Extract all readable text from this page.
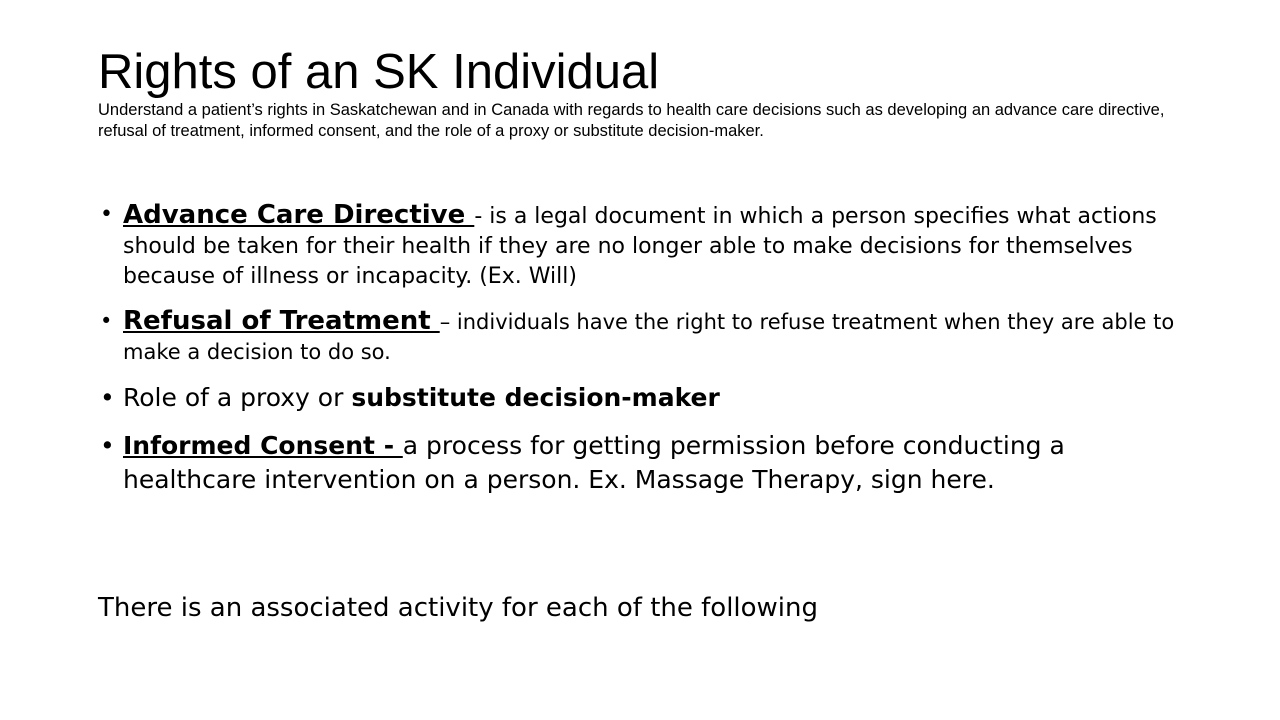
Rights of an SK Individual

Understand a patient’s rights in Saskatchewan and in Canada with regards to health care decisions such as developing an advance care directive, refusal of treatment, informed consent, and the role of a proxy or substitute decision-maker.

• Advance Care Directive - is a legal document in which a person specifies what actions should be taken for their health if they are no longer able to make decisions for themselves because of illness or incapacity. (Ex. Will)
• Refusal of Treatment – individuals have the right to refuse treatment when they are able to make a decision to do so.
• Role of a proxy or substitute decision-maker
• Informed Consent - a process for getting permission before conducting a healthcare intervention on a person. Ex. Massage Therapy, sign here.

There is an associated activity for each of the following
